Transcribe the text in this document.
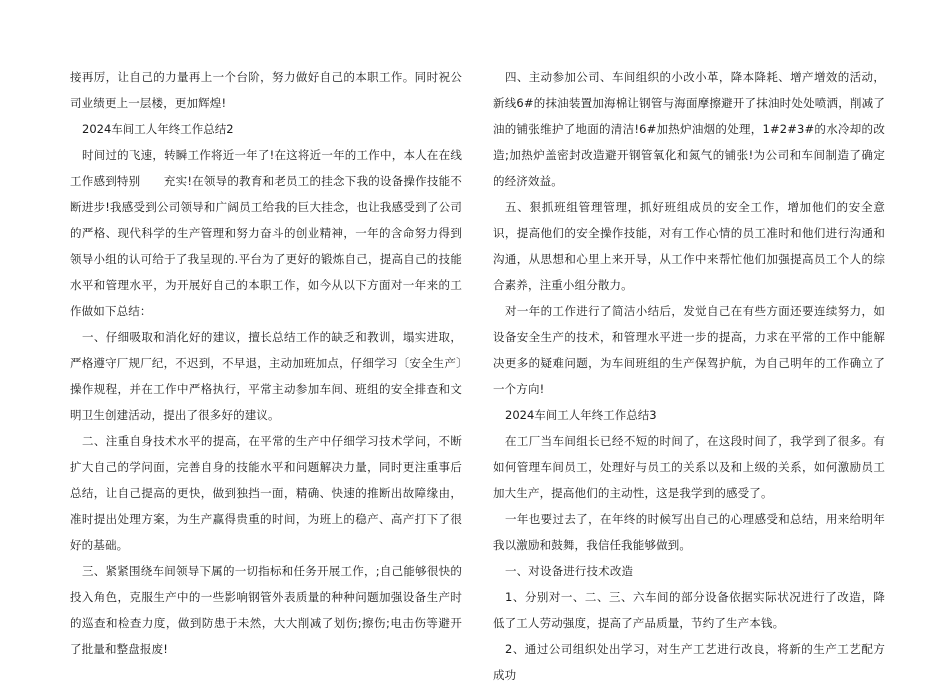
接再厉，让自己的力量再上一个台阶，努力做好自己的本职工作。同时祝公司业绩更上一层楼，更加辉煌!

2024车间工人年终工作总结2

时间过的飞速，转瞬工作将近一年了!在这将近一年的工作中，本人在在线工作感到特别　　充实!在领导的教育和老员工的挂念下我的设备操作技能不断进步!我感受到公司领导和广阔员工给我的巨大挂念，也让我感受到了公司的严格、现代科学的生产管理和努力奋斗的创业精神，一年的含命努力得到领导小组的认可给于了我呈现的.平台为了更好的锻炼自己，提高自己的技能水平和管理水平，为开展好自己的本职工作，如今从以下方面对一年来的工作做如下总结：

一、仔细吸取和消化好的建议，擅长总结工作的缺乏和教训，塌实进取，严格遵守厂规厂纪，不迟到，不早退，主动加班加点，仔细学习〔安全生产〕操作规程，并在工作中严格执行，平常主动参加车间、班组的安全排查和文明卫生创建活动，提出了很多好的建议。

二、注重自身技术水平的提高，在平常的生产中仔细学习技术学问，不断扩大自己的学问面，完善自身的技能水平和问题解决力量，同时更注重事后总结，让自己提高的更快，做到独挡一面，精确、快速的推断出故障缘由，准时提出处理方案，为生产赢得贵重的时间，为班上的稳产、高产打下了很好的基础。

三、紧紧围绕车间领导下属的一切指标和任务开展工作，;自己能够很快的投入角色，克服生产中的一些影响钢管外表质量的种种问题加强设备生产时的巡查和检查力度，做到防患于未然，大大削减了划伤;擦伤;电击伤等避开了批量和整盘报废!

四、主动参加公司、车间组织的小改小革，降本降耗、增产增效的活动，新线6#的抹油装置加海棉让钢管与海面摩擦避开了抹油时处处喷洒，削减了油的铺张维护了地面的清洁!6#加热炉油烟的处理，1#2#3#的水冷却的改造;加热炉盖密封改造避开钢管氧化和氮气的铺张!为公司和车间制造了确定的经济效益。

五、狠抓班组管理管理，抓好班组成员的安全工作，增加他们的安全意识，提高他们的安全操作技能，对有工作心情的员工准时和他们进行沟通和沟通，从思想和心里上来开导，从工作中来帮忙他们加强提高员工个人的综合素养，注重小组分散力。

对一年的工作进行了简洁小结后，发觉自己在有些方面还要连续努力，如设备安全生产的技术，和管理水平进一步的提高，力求在平常的工作中能解决更多的疑难问题，为车间班组的生产保驾护航，为自己明年的工作确立了一个方向!

2024车间工人年终工作总结3

在工厂当车间组长已经不短的时间了，在这段时间了，我学到了很多。有如何管理车间员工，处理好与员工的关系以及和上级的关系，如何激励员工加大生产，提高他们的主动性，这是我学到的感受了。

一年也要过去了，在年终的时候写出自己的心理感受和总结，用来给明年我以激励和鼓舞，我信任我能够做到。

一、对设备进行技术改造

1、分别对一、二、三、六车间的部分设备依据实际状况进行了改造，降低了工人劳动强度，提高了产品质量，节约了生产本钱。

2、通过公司组织处出学习，对生产工艺进行改良，将新的生产工艺配方成功
